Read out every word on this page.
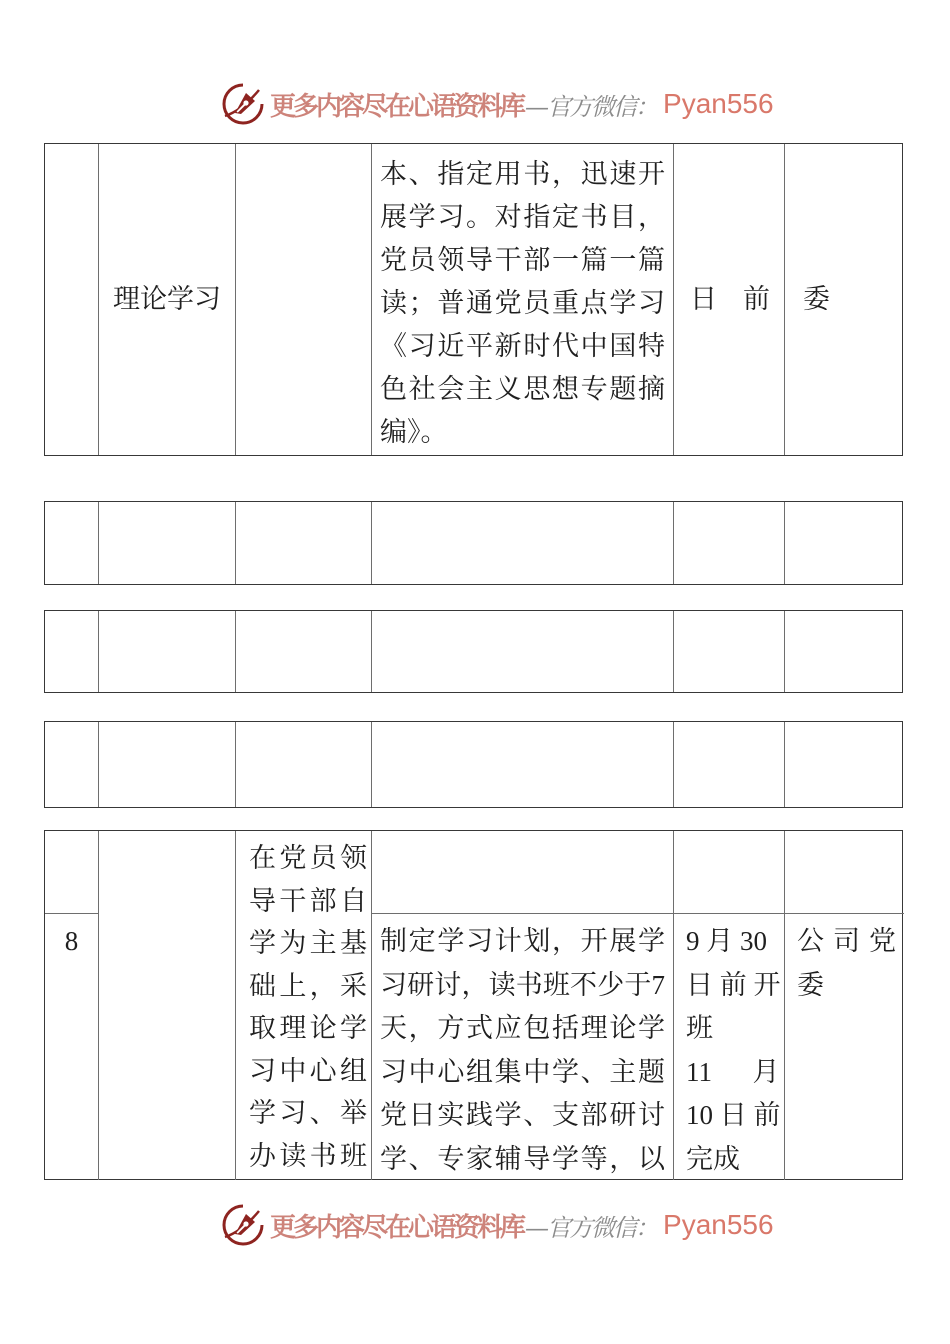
更多内容尽在心语资料库 —官方微信： Pyan556
理论学习
本、指定用书，迅速开
展学习。对指定书目，
党员领导干部一篇一篇
读；普通党员重点学习
《习近平新时代中国特
色社会主义思想专题摘
编》。
日前 委
在党员领
导干部自
学为主基
础上，采
取理论学
习中心组
学习、举
办读书班
8	制定学习计划，开展学
习研讨，读书班不少于7
天，方式应包括理论学
习中心组集中学、主题
党日实践学、支部研讨
学、专家辅导学等，以
9 月 30
日 前 开
班
11      月
10 日 前
完成
公司党
委
更多内容尽在心语资料库 —官方微信： Pyan556
